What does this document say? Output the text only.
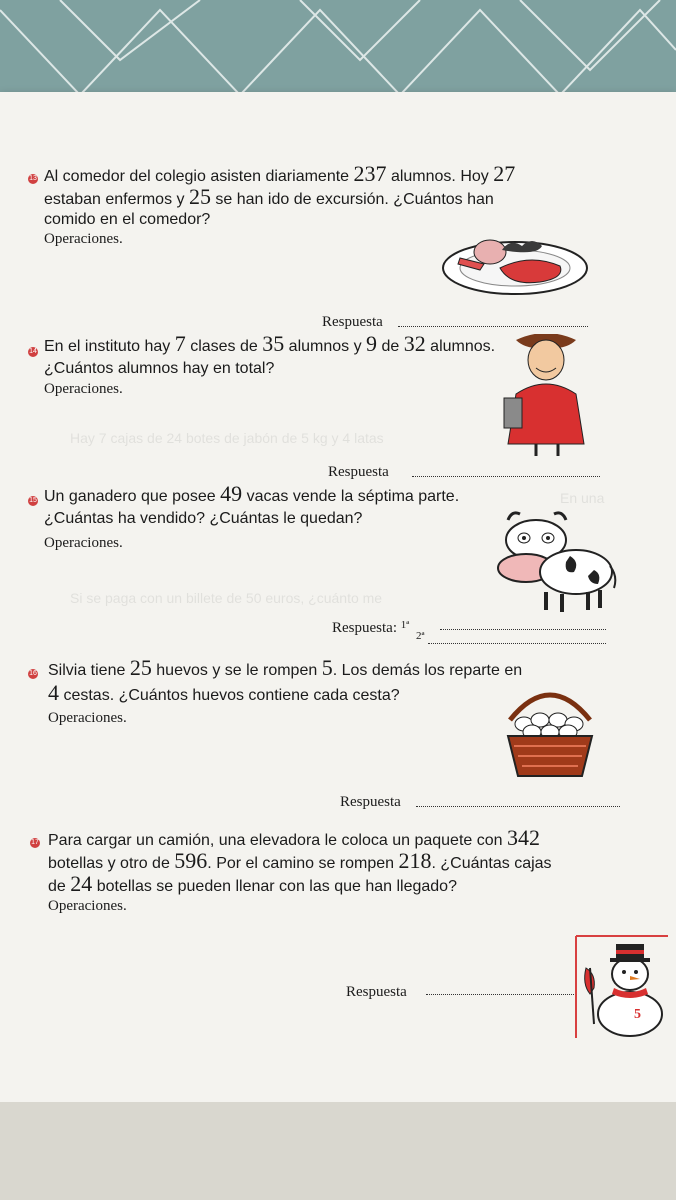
Hay 7 cajas de 24 botes de jabón de 5 kg y 4 latas
Si se paga con un billete de 50 euros, ¿cuánto me
En una
13 Al comedor del colegio asisten diariamente 237 alumnos. Hoy 27
estaban enfermos y 25 se han ido de excursión. ¿Cuántos han
comido en el comedor?
Operaciones.
Respuesta
14 En el instituto hay 7 clases de 35 alumnos y 9 de 32 alumnos.
¿Cuántos alumnos hay en total?
Operaciones.
Respuesta
15 Un ganadero que posee 49 vacas vende la séptima parte.
¿Cuántas ha vendido? ¿Cuántas le quedan?
Operaciones.
Respuesta: $^{1ª}$
2ª
16 Silvia tiene 25 huevos y se le rompen 5. Los demás los reparte en
4 cestas. ¿Cuántos huevos contiene cada cesta?
Operaciones.
Respuesta
17 Para cargar un camión, una elevadora le coloca un paquete con 342
botellas y otro de 596. Por el camino se rompen 218. ¿Cuántas cajas
de 24 botellas se pueden llenar con las que han llegado?
Operaciones.
Respuesta
5
